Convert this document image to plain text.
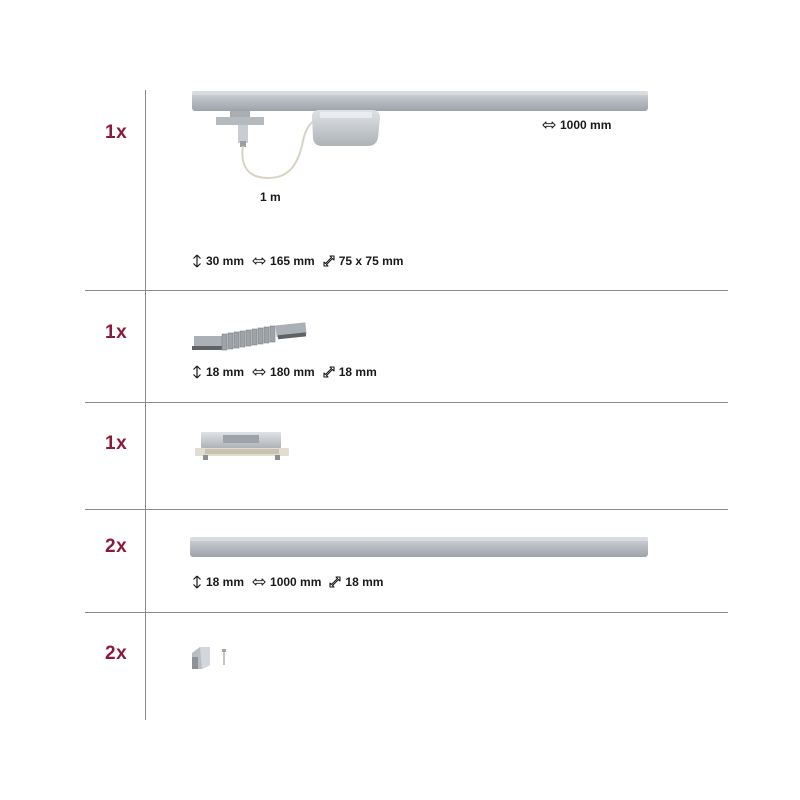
1x
1 m
1000 mm
30 mm 165 mm 75 x 75 mm
1x
18 mm 180 mm 18 mm
1x
2x
18 mm 1000 mm 18 mm
2x
